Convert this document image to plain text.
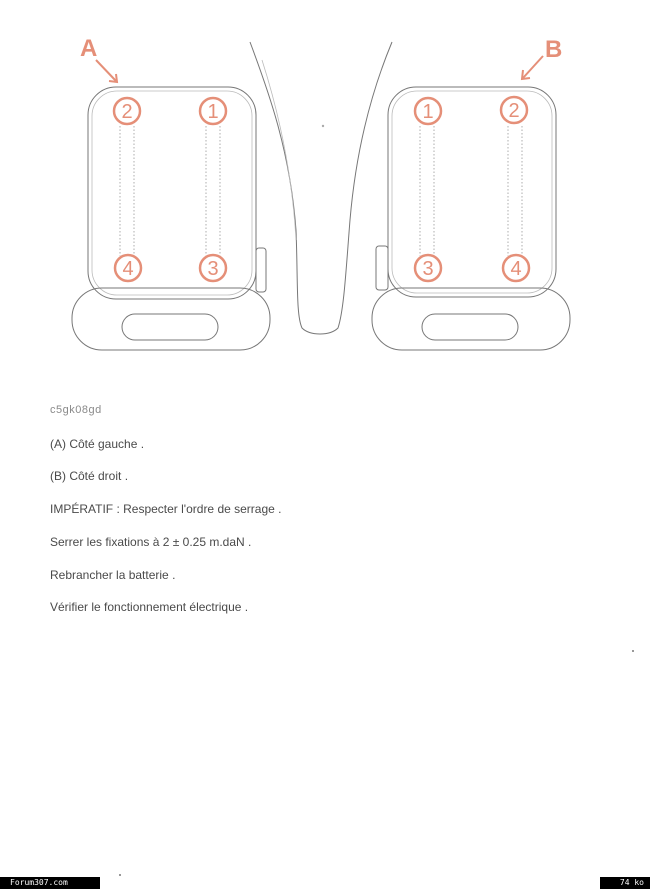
A	B
2	1
4	3
1	2
3	4
c5gk08gd
(A) Côté gauche .
(B) Côté droit .
IMPÉRATIF : Respecter l'ordre de serrage .
Serrer les fixations à 2 ± 0.25 m.daN .
Rebrancher la batterie .
Vérifier le fonctionnement électrique .
Forum307.com	74 ko
